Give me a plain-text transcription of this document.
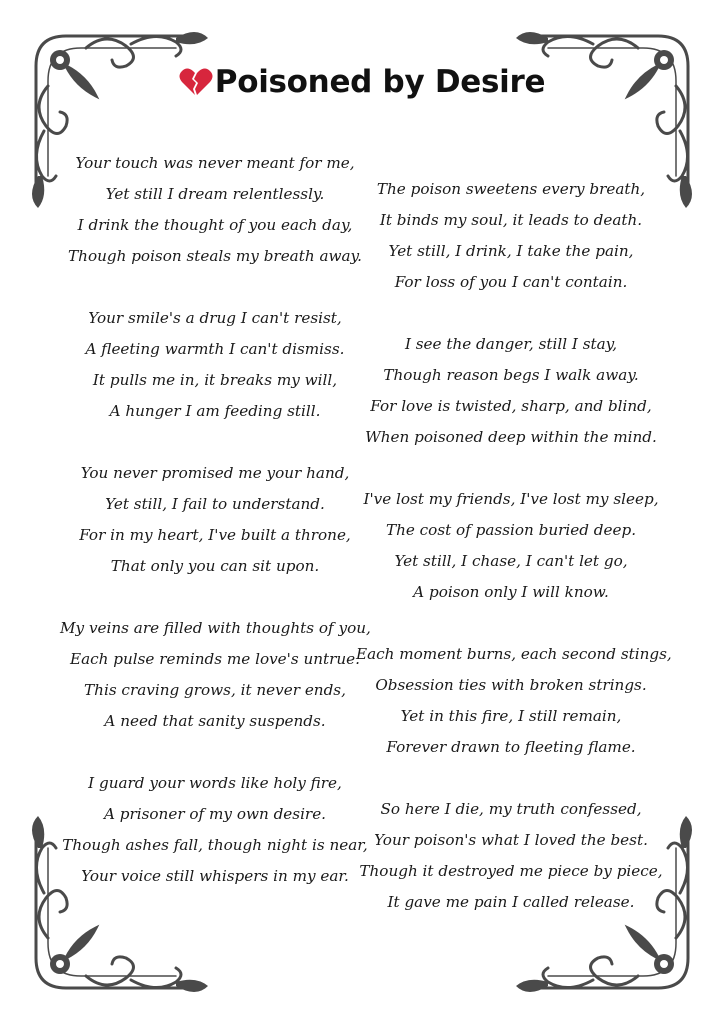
Poisoned by Desire
Your touch was never meant for me,
Yet still I dream relentlessly.
I drink the thought of you each day,
Though poison steals my breath away.
Your smile's a drug I can't resist,
A fleeting warmth I can't dismiss.
It pulls me in, it breaks my will,
A hunger I am feeding still.
You never promised me your hand,
Yet still, I fail to understand.
For in my heart, I've built a throne,
That only you can sit upon.
My veins are filled with thoughts of you,
Each pulse reminds me love's untrue.
This craving grows, it never ends,
A need that sanity suspends.
I guard your words like holy fire,
A prisoner of my own desire.
Though ashes fall, though night is near,
Your voice still whispers in my ear.
The poison sweetens every breath,
It binds my soul, it leads to death.
Yet still, I drink, I take the pain,
For loss of you I can't contain.
I see the danger, still I stay,
Though reason begs I walk away.
For love is twisted, sharp, and blind,
When poisoned deep within the mind.
I've lost my friends, I've lost my sleep,
The cost of passion buried deep.
Yet still, I chase, I can't let go,
A poison only I will know.
Each moment burns, each second stings,
Obsession ties with broken strings.
Yet in this fire, I still remain,
Forever drawn to fleeting flame.
So here I die, my truth confessed,
Your poison's what I loved the best.
Though it destroyed me piece by piece,
It gave me pain I called release.
